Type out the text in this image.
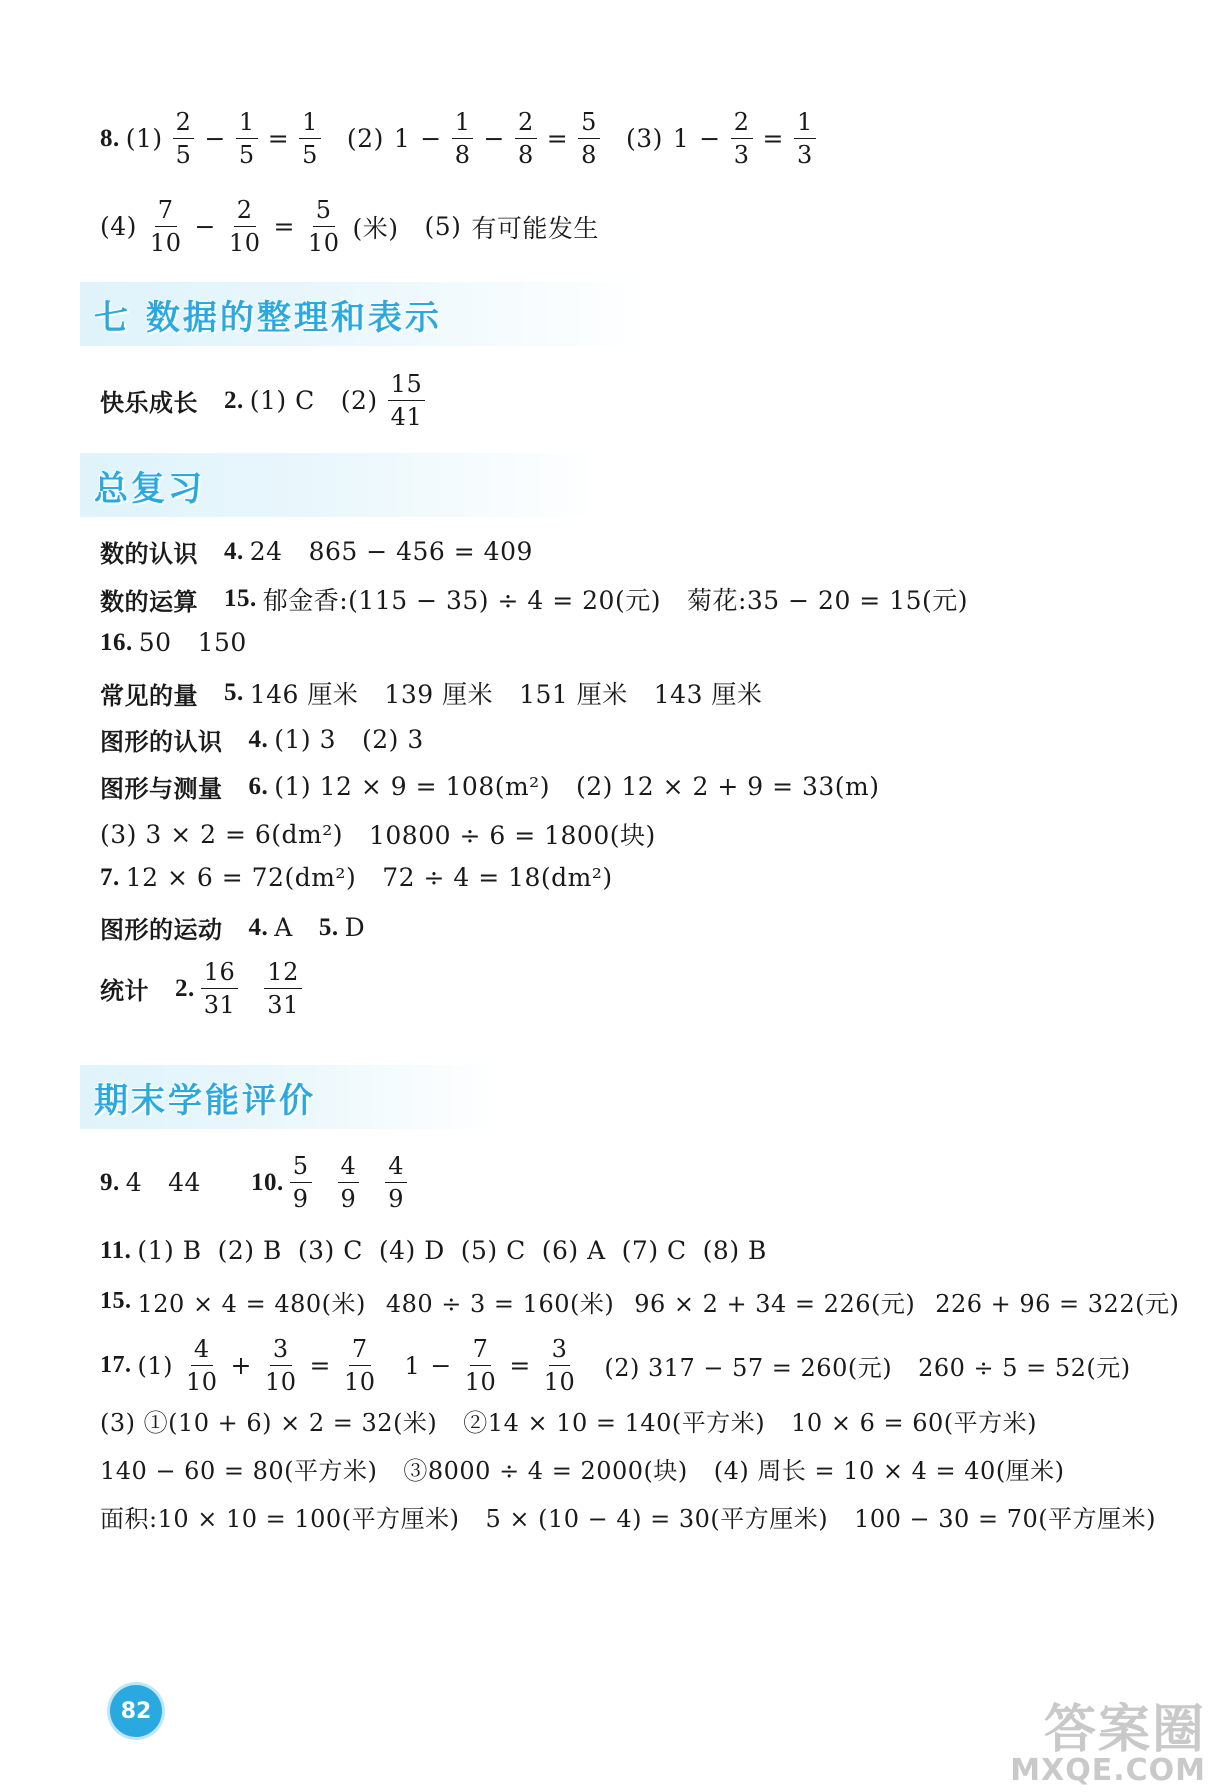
8. $(1) \frac{2}{5} - \frac{1}{5} = \frac{1}{5} (2) 1 - \frac{1}{8} - \frac{2}{8} = \frac{5}{8} (3) 1 - \frac{2}{3} = \frac{1}{3}$
$(4) \frac{7}{10} - \frac{2}{10} = \frac{5}{10}$ (米) (5) 有可能发生
七 数据的整理和表示
快乐成长 2. (1) C $(2) \frac{15}{41}$
总复习
数的认识 4. 24 865 − 456 = 409
数的运算 15. 郁金香:(115 − 35) ÷ 4 = 20(元) 菊花:35 − 20 = 15(元)
16. 50 150
常见的量 5. 146 厘米 139 厘米 151 厘米 143 厘米
图形的认识 4. (1) 3 (2) 3
图形与测量 6. (1) 12 × 9 = 108(m²) (2) 12 × 2 + 9 = 33(m)
(3) 3 × 2 = 6(dm²) 10800 ÷ 6 = 1800(块)
7. 12 × 6 = 72(dm²) 72 ÷ 4 = 18(dm²)
图形的运动 4. A 5. D
统计 2. $\frac{16}{31} \frac{12}{31}$
期末学能评价
9. 4 44 10. $\frac{5}{9} \frac{4}{9} \frac{4}{9}$
11. (1) B (2) B (3) C (4) D (5) C (6) A (7) C (8) B
15. 120 × 4 = 480(米) 480 ÷ 3 = 160(米) 96 × 2 + 34 = 226(元) 226 + 96 = 322(元)
17. $(1) \frac{4}{10} + \frac{3}{10} = \frac{7}{10} 1 - \frac{7}{10} = \frac{3}{10} (2) 317 - 57 = 260$(元) 260 ÷ 5 = 52(元)
(3) ①(10 + 6) × 2 = 32(米) ②14 × 10 = 140(平方米) 10 × 6 = 60(平方米)
140 − 60 = 80(平方米) ③8000 ÷ 4 = 2000(块) (4) 周长 = 10 × 4 = 40(厘米)
面积:10 × 10 = 100(平方厘米) 5 × (10 − 4) = 30(平方厘米) 100 − 30 = 70(平方厘米)
82	答案圈
MXQE.COM
